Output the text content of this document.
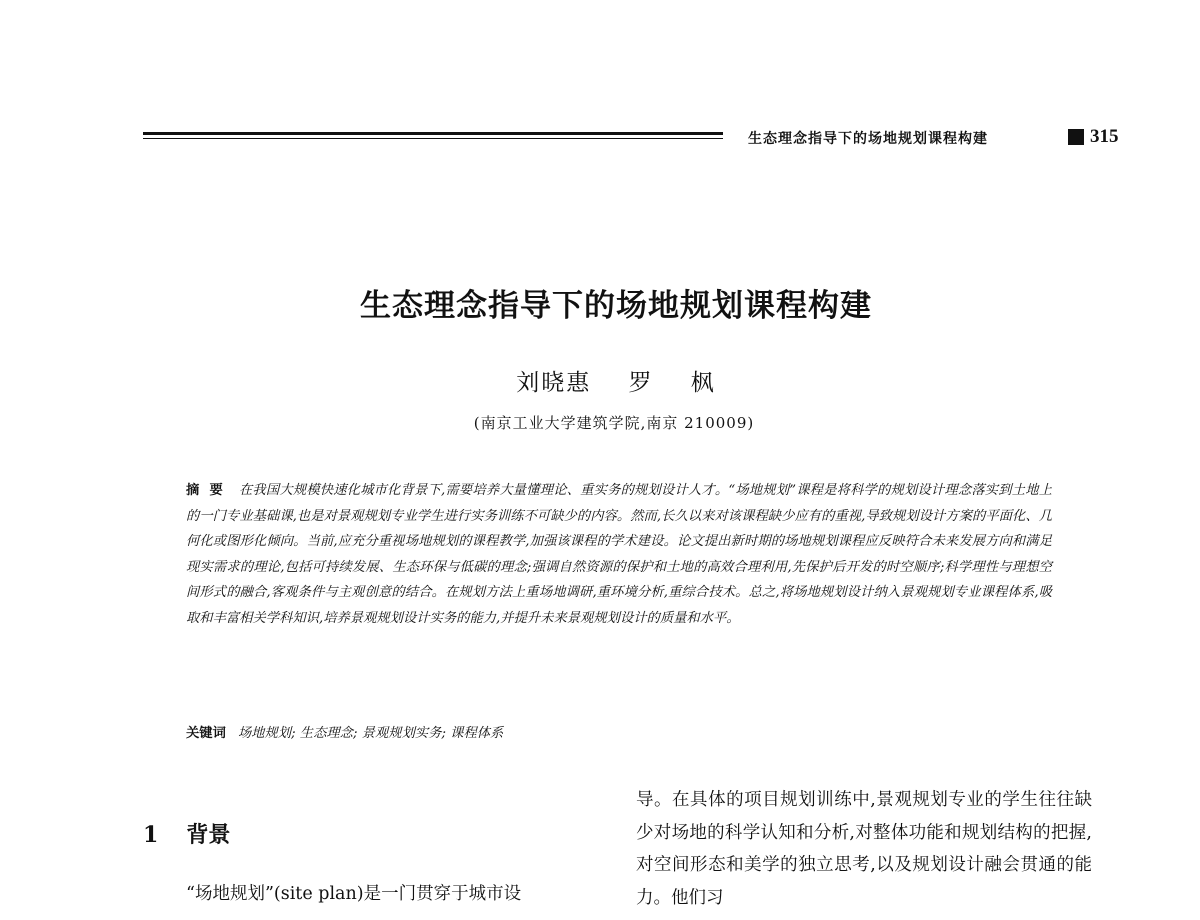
生态理念指导下的场地规划课程构建	315
生态理念指导下的场地规划课程构建
刘晓惠    罗    枫
(南京工业大学建筑学院,南京 210009)
摘要 在我国大规模快速化城市化背景下,需要培养大量懂理论、重实务的规划设计人才。“场地规划”课程是将科学的规划设计理念落实到土地上的一门专业基础课,也是对景观规划专业学生进行实务训练不可缺少的内容。然而,长久以来对该课程缺少应有的重视,导致规划设计方案的平面化、几何化或图形化倾向。当前,应充分重视场地规划的课程教学,加强该课程的学术建设。论文提出新时期的场地规划课程应反映符合未来发展方向和满足现实需求的理论,包括可持续发展、生态环保与低碳的理念;强调自然资源的保护和土地的高效合理利用,先保护后开发的时空顺序;科学理性与理想空间形式的融合,客观条件与主观创意的结合。在规划方法上重场地调研,重环境分析,重综合技术。总之,将场地规划设计纳入景观规划专业课程体系,吸取和丰富相关学科知识,培养景观规划设计实务的能力,并提升未来景观规划设计的质量和水平。
关键词 场地规划; 生态理念; 景观规划实务; 课程体系
1 背景
“场地规划”(site plan)是一门贯穿于城市设
导。在具体的项目规划训练中,景观规划专业的学生往往缺少对场地的科学认知和分析,对整体功能和规划结构的把握,对空间形态和美学的独立思考,以及规划设计融会贯通的能力。他们习
